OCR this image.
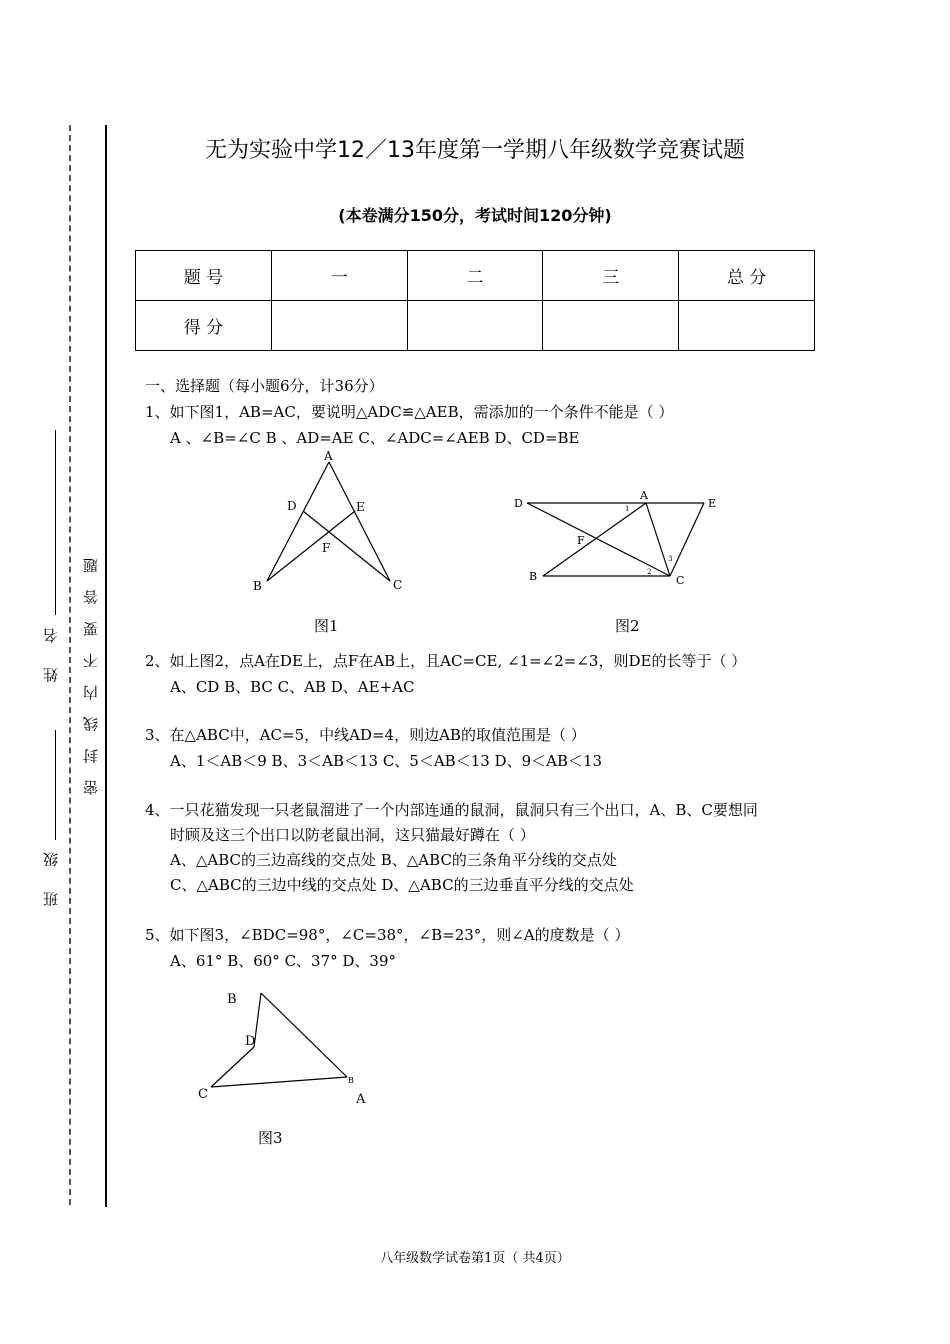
密 封 线 内 不 要 答 题
姓 名
班 级
无为实验中学12／13年度第一学期八年级数学竞赛试题
(本卷满分150分，考试时间120分钟)
题 号	一	二	三	总 分
得 分				
一、选择题（每小题6分，计36分）
1、如下图1，AB=AC，要说明△ADC≌△AEB，需添加的一个条件不能是（ ）
A 、∠B=∠C B 、AD=AE C、∠ADC=∠AEB D、CD=BE
A
D	E
F
B	C
图1
D
A
E
F
B	C
1
2
3
图2
2、如上图2，点A在DE上，点F在AB上，且AC=CE, ∠1=∠2=∠3，则DE的长等于（ ）
A、CD B、BC C、AB D、AE+AC
3、在△ABC中，AC=5，中线AD=4，则边AB的取值范围是（ ）
A、1＜AB＜9 B、3＜AB＜13 C、5＜AB＜13 D、9＜AB＜13
4、一只花猫发现一只老鼠溜进了一个内部连通的鼠洞，鼠洞只有三个出口，A、B、C要想同
时顾及这三个出口以防老鼠出洞，这只猫最好蹲在（ ）
A、△ABC的三边高线的交点处 B、△ABC的三条角平分线的交点处
C、△ABC的三边中线的交点处 D、△ABC的三边垂直平分线的交点处
5、如下图3，∠BDC=98°，∠C=38°，∠B=23°，则∠A的度数是（ ）
A、61° B、60° C、37° D、39°
B
D
C
B
A
图3
八年级数学试卷第1页（ 共4页）
